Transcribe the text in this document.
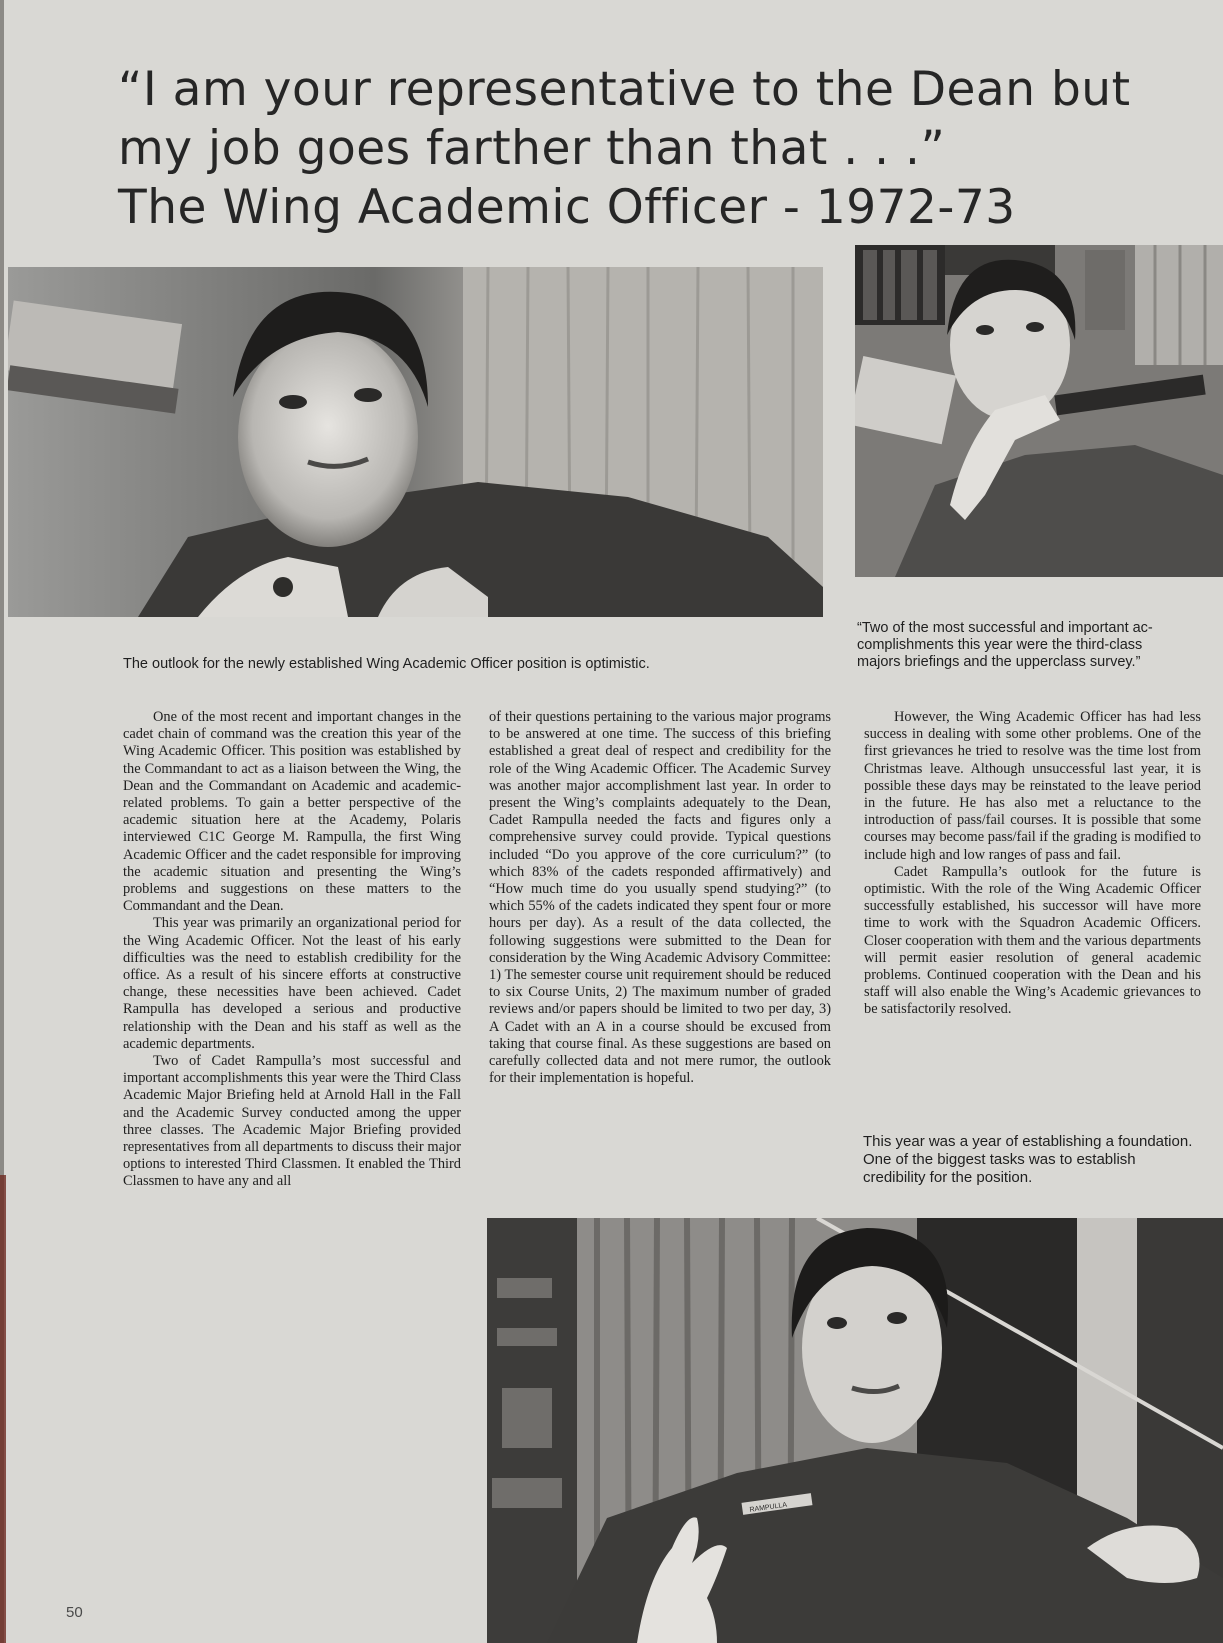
“I am your representative to the Dean but
my job goes farther than that . . .”
The Wing Academic Officer - 1972-73
The outlook for the newly established Wing Academic Officer position is optimistic.
“Two of the most successful and important ac-
complishments this year were the third-class
majors briefings and the upperclass survey.”

One of the most recent and important changes in the cadet chain of command was the creation this year of the Wing Academic Officer. This position was established by the Commandant to act as a liaison between the Wing, the Dean and the Commandant on Academic and academic-related problems. To gain a better perspective of the academic situation here at the Academy, Polaris interviewed C1C George M. Rampulla, the first Wing Academic Officer and the cadet responsible for improving the academic situation and presenting the Wing’s problems and suggestions on these matters to the Commandant and the Dean.

This year was primarily an organizational period for the Wing Academic Officer. Not the least of his early difficulties was the need to establish credibility for the office. As a result of his sincere efforts at constructive change, these necessities have been achieved. Cadet Rampulla has developed a serious and productive relationship with the Dean and his staff as well as the academic departments.

Two of Cadet Rampulla’s most successful and important accomplishments this year were the Third Class Academic Major Briefing held at Arnold Hall in the Fall and the Academic Survey conducted among the upper three classes. The Academic Major Briefing provided representatives from all departments to discuss their major options to interested Third Classmen. It enabled the Third Classmen to have any and all

of their questions pertaining to the various major programs to be answered at one time. The success of this briefing established a great deal of respect and credibility for the role of the Wing Academic Officer. The Academic Survey was another major accomplishment last year. In order to present the Wing’s complaints adequately to the Dean, Cadet Rampulla needed the facts and figures only a comprehensive survey could provide. Typical questions included “Do you approve of the core curriculum?” (to which 83% of the cadets responded affirmatively) and “How much time do you usually spend studying?” (to which 55% of the cadets indicated they spent four or more hours per day). As a result of the data collected, the following suggestions were submitted to the Dean for consideration by the Wing Academic Advisory Committee: 1) The semester course unit requirement should be reduced to six Course Units, 2) The maximum number of graded reviews and/or papers should be limited to two per day, 3) A Cadet with an A in a course should be excused from taking that course final. As these suggestions are based on carefully collected data and not mere rumor, the outlook for their implementation is hopeful.

However, the Wing Academic Officer has had less success in dealing with some other problems. One of the first grievances he tried to resolve was the time lost from Christmas leave. Although unsuccessful last year, it is possible these days may be reinstated to the leave period in the future. He has also met a reluctance to the introduction of pass/fail courses. It is possible that some courses may become pass/fail if the grading is modified to include high and low ranges of pass and fail.

Cadet Rampulla’s outlook for the future is optimistic. With the role of the Wing Academic Officer successfully established, his successor will have more time to work with the Squadron Academic Officers. Closer cooperation with them and the various departments will permit easier resolution of general academic problems. Continued cooperation with the Dean and his staff will also enable the Wing’s Academic grievances to be satisfactorily resolved.

This year was a year of establishing a foundation.
One of the biggest tasks was to establish
credibility for the position.
RAMPULLA
50
